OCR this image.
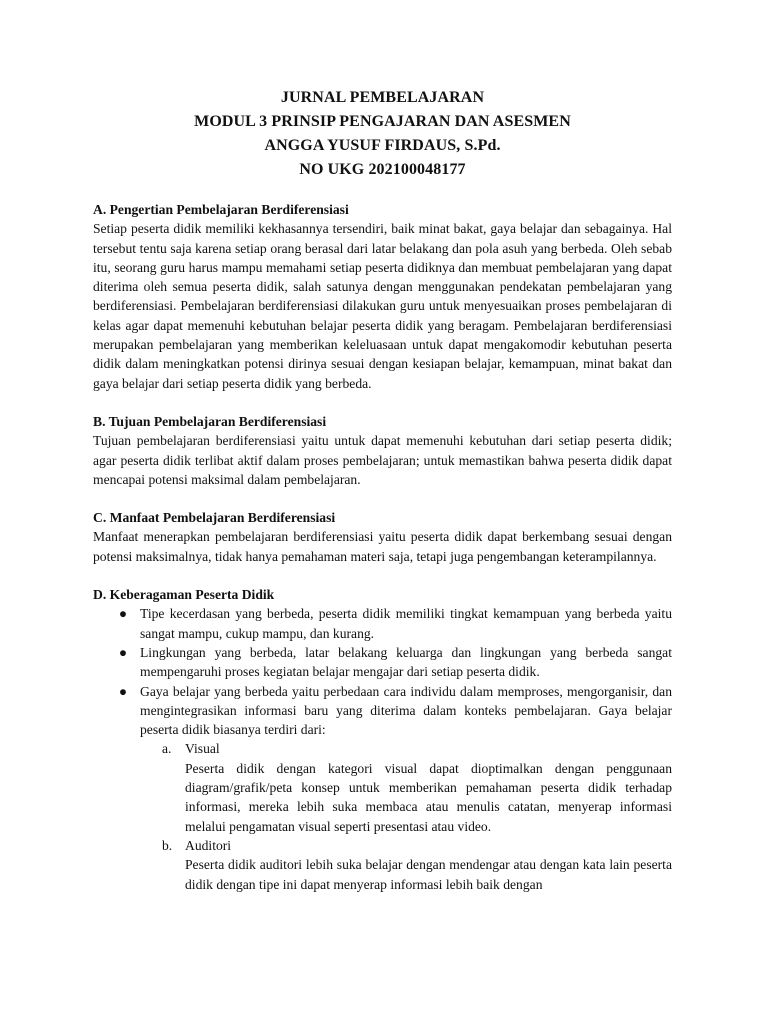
JURNAL PEMBELAJARAN
MODUL 3 PRINSIP PENGAJARAN DAN ASESMEN
ANGGA YUSUF FIRDAUS, S.Pd.
NO UKG 202100048177
A. Pengertian Pembelajaran Berdiferensiasi
Setiap peserta didik memiliki kekhasannya tersendiri, baik minat bakat, gaya belajar dan sebagainya. Hal tersebut tentu saja karena setiap orang berasal dari latar belakang dan pola asuh yang berbeda. Oleh sebab itu, seorang guru harus mampu memahami setiap peserta didiknya dan membuat pembelajaran yang dapat diterima oleh semua peserta didik, salah satunya dengan menggunakan pendekatan pembelajaran yang berdiferensiasi. Pembelajaran berdiferensiasi dilakukan guru untuk menyesuaikan proses pembelajaran di kelas agar dapat memenuhi kebutuhan belajar peserta didik yang beragam. Pembelajaran berdiferensiasi merupakan pembelajaran yang memberikan keleluasaan untuk dapat mengakomodir kebutuhan peserta didik dalam meningkatkan potensi dirinya sesuai dengan kesiapan belajar, kemampuan, minat bakat dan gaya belajar dari setiap peserta didik yang berbeda.
B. Tujuan Pembelajaran Berdiferensiasi
Tujuan pembelajaran berdiferensiasi yaitu untuk dapat memenuhi kebutuhan dari setiap peserta didik; agar peserta didik terlibat aktif dalam proses pembelajaran; untuk memastikan bahwa peserta didik dapat mencapai potensi maksimal dalam pembelajaran.
C. Manfaat Pembelajaran Berdiferensiasi
Manfaat menerapkan pembelajaran berdiferensiasi yaitu peserta didik dapat berkembang sesuai dengan potensi maksimalnya, tidak hanya pemahaman materi saja, tetapi juga pengembangan keterampilannya.
D. Keberagaman Peserta Didik
● Tipe kecerdasan yang berbeda, peserta didik memiliki tingkat kemampuan yang berbeda yaitu sangat mampu, cukup mampu, dan kurang.
● Lingkungan yang berbeda, latar belakang keluarga dan lingkungan yang berbeda sangat mempengaruhi proses kegiatan belajar mengajar dari setiap peserta didik.
● Gaya belajar yang berbeda yaitu perbedaan cara individu dalam memproses, mengorganisir, dan mengintegrasikan informasi baru yang diterima dalam konteks pembelajaran. Gaya belajar peserta didik biasanya terdiri dari:
a. Visual
Peserta didik dengan kategori visual dapat dioptimalkan dengan penggunaan diagram/grafik/peta konsep untuk memberikan pemahaman peserta didik terhadap informasi, mereka lebih suka membaca atau menulis catatan, menyerap informasi melalui pengamatan visual seperti presentasi atau video.
b. Auditori
Peserta didik auditori lebih suka belajar dengan mendengar atau dengan kata lain peserta didik dengan tipe ini dapat menyerap informasi lebih baik dengan
